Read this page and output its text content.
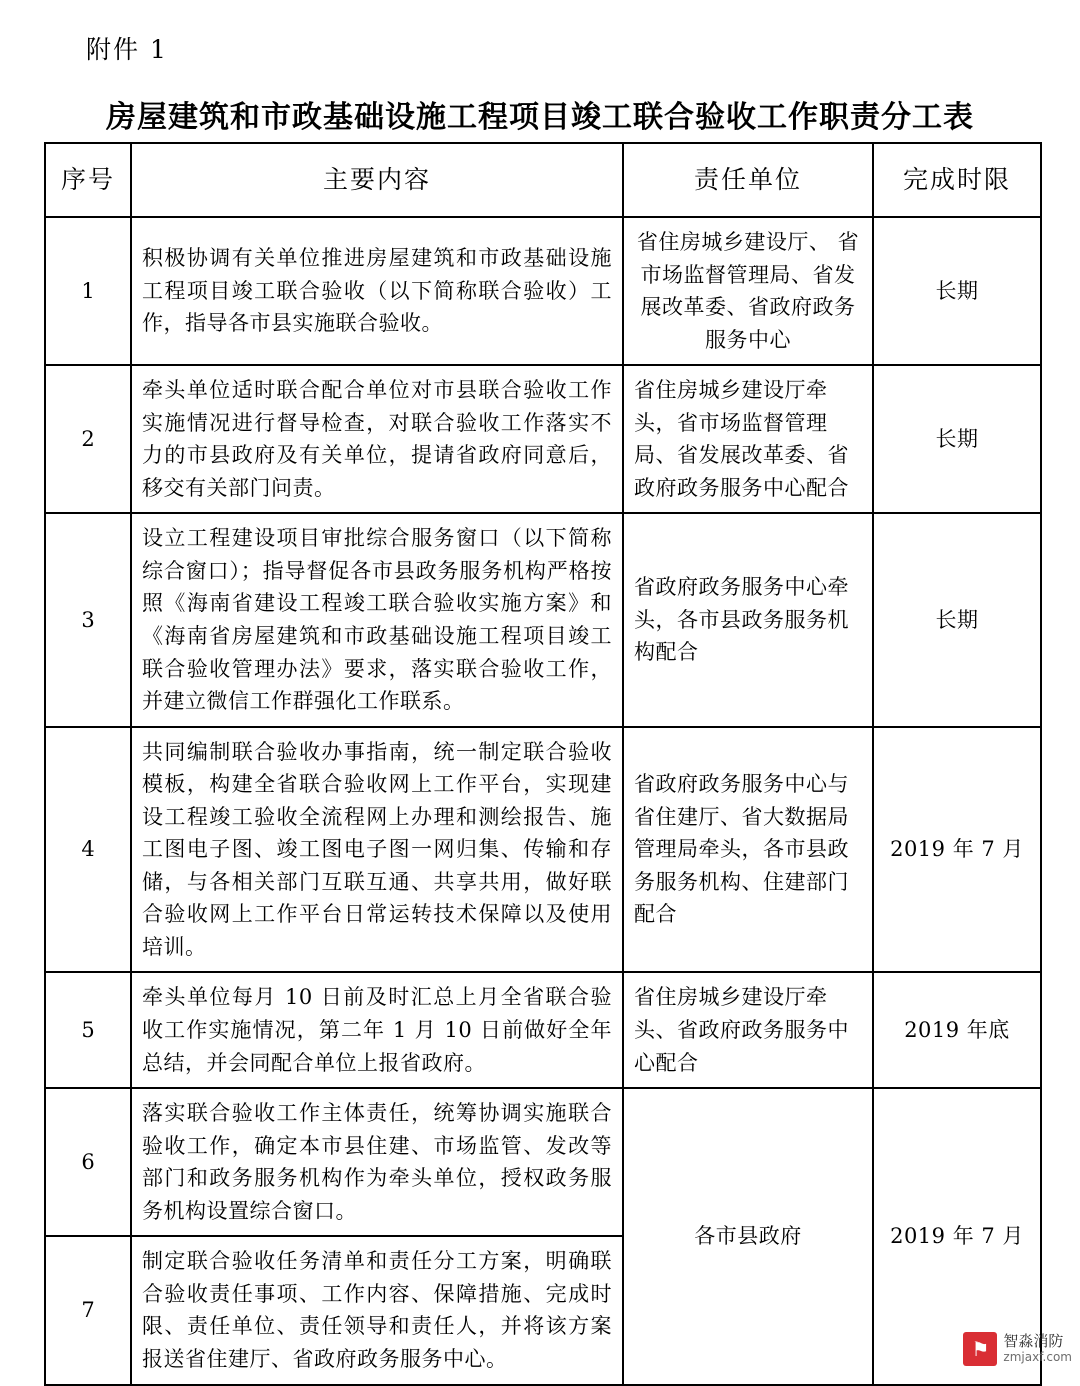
附件 1
房屋建筑和市政基础设施工程项目竣工联合验收工作职责分工表
序号	主要内容	责任单位	完成时限
1	积极协调有关单位推进房屋建筑和市政基础设施工程项目竣工联合验收（以下简称联合验收）工作，指导各市县实施联合验收。	省住房城乡建设厅、 省市场监督管理局、省发展改革委、省政府政务服务中心	长期
2	牵头单位适时联合配合单位对市县联合验收工作实施情况进行督导检查，对联合验收工作落实不力的市县政府及有关单位，提请省政府同意后，移交有关部门问责。	省住房城乡建设厅牵头，省市场监督管理局、省发展改革委、省政府政务服务中心配合	长期
3	设立工程建设项目审批综合服务窗口（以下简称综合窗口）；指导督促各市县政务服务机构严格按照《海南省建设工程竣工联合验收实施方案》和《海南省房屋建筑和市政基础设施工程项目竣工联合验收管理办法》要求，落实联合验收工作，并建立微信工作群强化工作联系。	省政府政务服务中心牵头，各市县政务服务机构配合	长期
4	共同编制联合验收办事指南，统一制定联合验收模板，构建全省联合验收网上工作平台，实现建设工程竣工验收全流程网上办理和测绘报告、施工图电子图、竣工图电子图一网归集、传输和存储，与各相关部门互联互通、共享共用，做好联合验收网上工作平台日常运转技术保障以及使用培训。	省政府政务服务中心与省住建厅、省大数据局管理局牵头，各市县政务服务机构、住建部门配合	2019 年 7 月
5	牵头单位每月 10 日前及时汇总上月全省联合验收工作实施情况，第二年 1 月 10 日前做好全年总结，并会同配合单位上报省政府。	省住房城乡建设厅牵头、省政府政务服务中心配合	2019 年底
6	落实联合验收工作主体责任，统筹协调实施联合验收工作，确定本市县住建、市场监管、发改等部门和政务服务机构作为牵头单位，授权政务服务机构设置综合窗口。	各市县政府	2019 年 7 月
7	制定联合验收任务清单和责任分工方案，明确联合验收责任事项、工作内容、保障措施、完成时限、责任单位、责任领导和责任人，并将该方案报送省住建厅、省政府政务服务中心。			⚑ 智淼消防
zmjaxf.com
